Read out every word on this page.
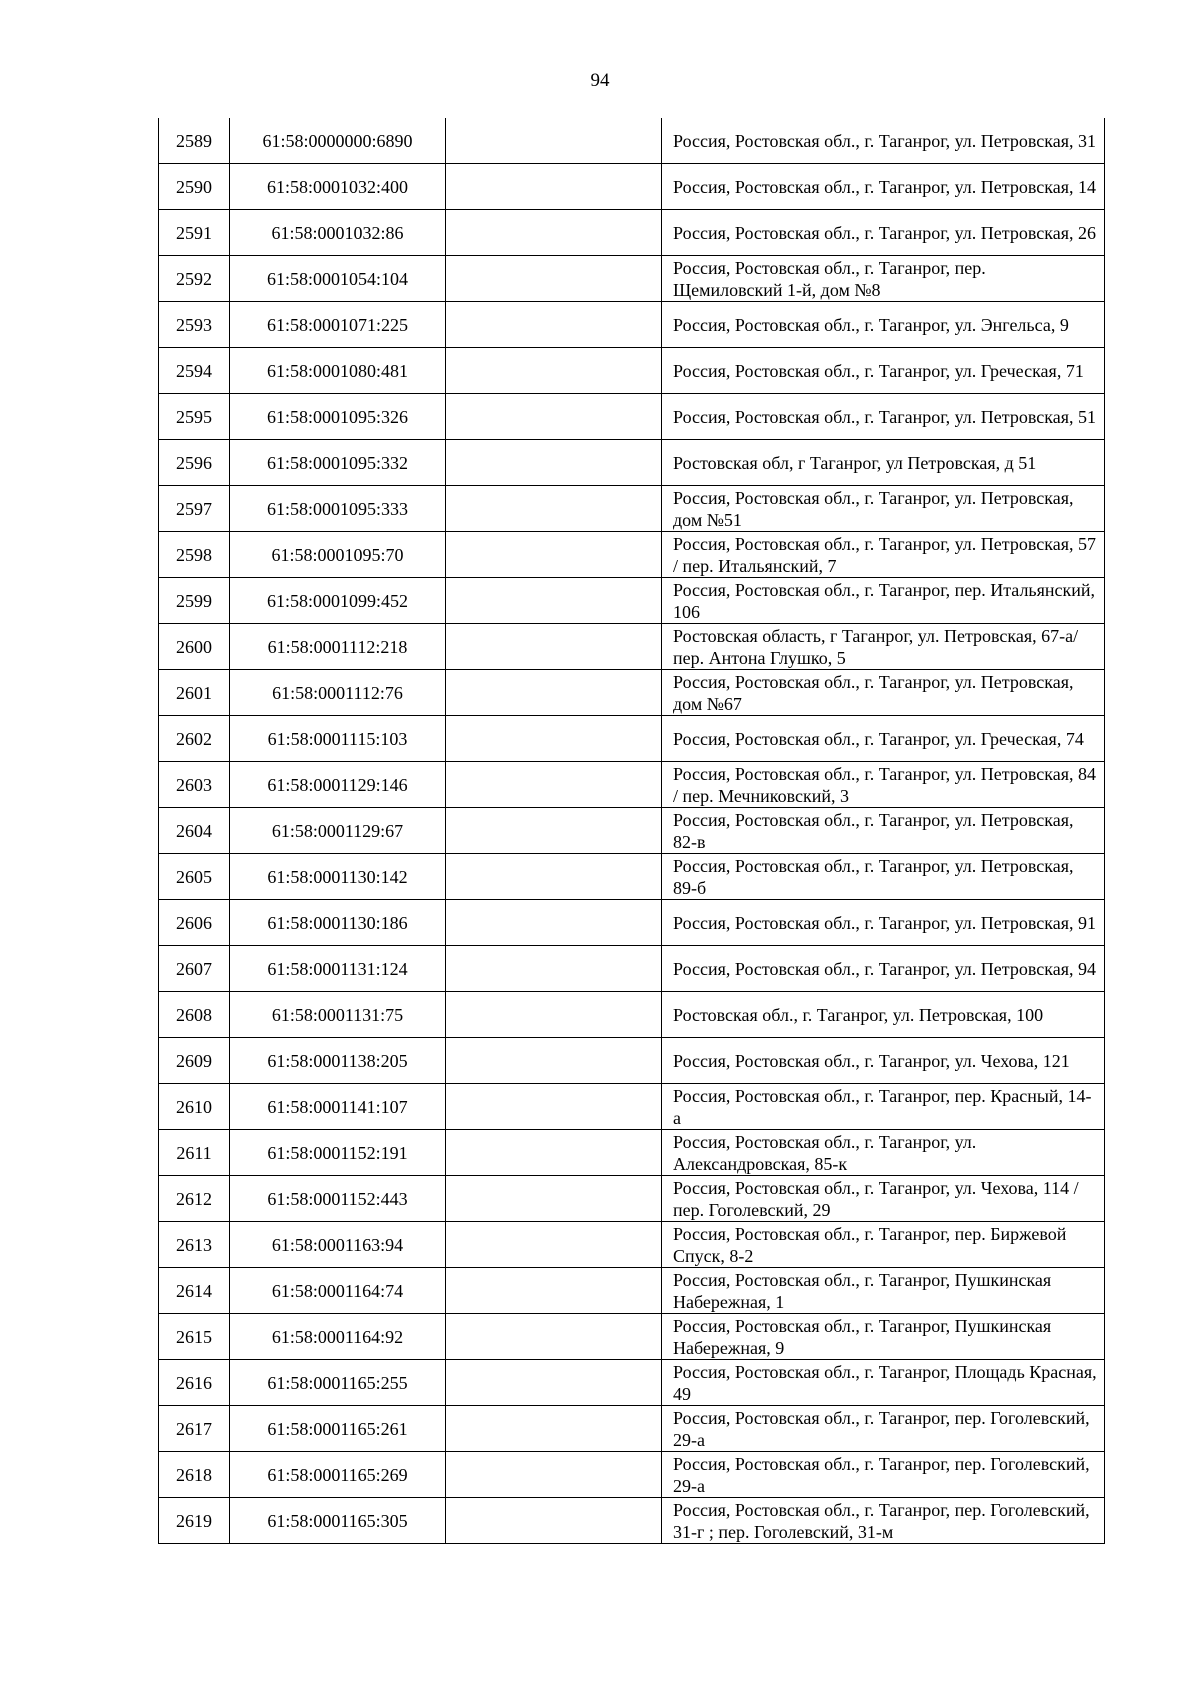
94
2589	61:58:0000000:6890		Россия, Ростовская обл., г. Таганрог, ул. Петровская, 31
2590	61:58:0001032:400		Россия, Ростовская обл., г. Таганрог, ул. Петровская, 14
2591	61:58:0001032:86		Россия, Ростовская обл., г. Таганрог, ул. Петровская, 26
2592	61:58:0001054:104		Россия, Ростовская обл., г. Таганрог, пер. Щемиловский 1-й, дом №8
2593	61:58:0001071:225		Россия, Ростовская обл., г. Таганрог, ул. Энгельса, 9
2594	61:58:0001080:481		Россия, Ростовская обл., г. Таганрог, ул. Греческая, 71
2595	61:58:0001095:326		Россия, Ростовская обл., г. Таганрог, ул. Петровская, 51
2596	61:58:0001095:332		Ростовская обл, г Таганрог, ул Петровская, д 51
2597	61:58:0001095:333		Россия, Ростовская обл., г. Таганрог, ул. Петровская, дом №51
2598	61:58:0001095:70		Россия, Ростовская обл., г. Таганрог, ул. Петровская, 57 / пер. Итальянский, 7
2599	61:58:0001099:452		Россия, Ростовская обл., г. Таганрог, пер. Итальянский, 106
2600	61:58:0001112:218		Ростовская область, г Таганрог, ул. Петровская, 67-а/пер. Антона Глушко, 5
2601	61:58:0001112:76		Россия, Ростовская обл., г. Таганрог, ул. Петровская, дом №67
2602	61:58:0001115:103		Россия, Ростовская обл., г. Таганрог, ул. Греческая, 74
2603	61:58:0001129:146		Россия, Ростовская обл., г. Таганрог, ул. Петровская, 84 / пер. Мечниковский, 3
2604	61:58:0001129:67		Россия, Ростовская обл., г. Таганрог, ул. Петровская, 82-в
2605	61:58:0001130:142		Россия, Ростовская обл., г. Таганрог, ул. Петровская, 89-б
2606	61:58:0001130:186		Россия, Ростовская обл., г. Таганрог, ул. Петровская, 91
2607	61:58:0001131:124		Россия, Ростовская обл., г. Таганрог, ул. Петровская, 94
2608	61:58:0001131:75		Ростовская обл., г. Таганрог, ул. Петровская, 100
2609	61:58:0001138:205		Россия, Ростовская обл., г. Таганрог, ул. Чехова, 121
2610	61:58:0001141:107		Россия, Ростовская обл., г. Таганрог, пер. Красный, 14-а
2611	61:58:0001152:191		Россия, Ростовская обл., г. Таганрог, ул. Александровская, 85-к
2612	61:58:0001152:443		Россия, Ростовская обл., г. Таганрог, ул. Чехова, 114 / пер. Гоголевский, 29
2613	61:58:0001163:94		Россия, Ростовская обл., г. Таганрог, пер. Биржевой Спуск, 8-2
2614	61:58:0001164:74		Россия, Ростовская обл., г. Таганрог, Пушкинская Набережная, 1
2615	61:58:0001164:92		Россия, Ростовская обл., г. Таганрог, Пушкинская Набережная, 9
2616	61:58:0001165:255		Россия, Ростовская обл., г. Таганрог, Площадь Красная, 49
2617	61:58:0001165:261		Россия, Ростовская обл., г. Таганрог, пер. Гоголевский, 29-а
2618	61:58:0001165:269		Россия, Ростовская обл., г. Таганрог, пер. Гоголевский, 29-а
2619	61:58:0001165:305		Россия, Ростовская обл., г. Таганрог, пер. Гоголевский, 31-г ; пер. Гоголевский, 31-м
